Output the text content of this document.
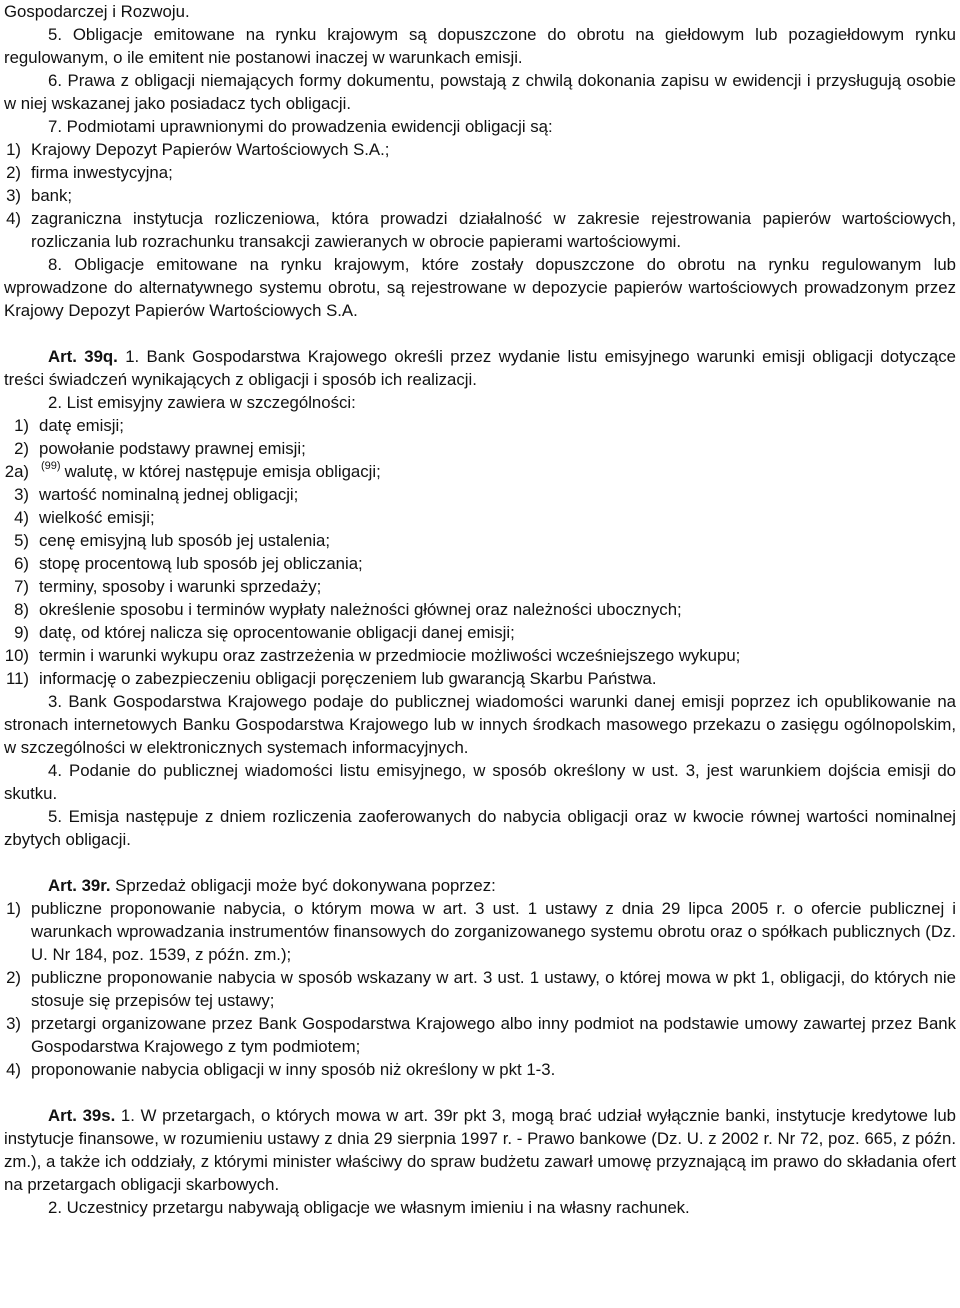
Gospodarczej i Rozwoju.

5. Obligacje emitowane na rynku krajowym są dopuszczone do obrotu na giełdowym lub pozagiełdowym rynku regulowanym, o ile emitent nie postanowi inaczej w warunkach emisji.

6. Prawa z obligacji niemających formy dokumentu, powstają z chwilą dokonania zapisu w ewidencji i przysługują osobie w niej wskazanej jako posiadacz tych obligacji.

7. Podmiotami uprawnionymi do prowadzenia ewidencji obligacji są:

1) Krajowy Depozyt Papierów Wartościowych S.A.;
2) firma inwestycyjna;
3) bank;
4) zagraniczna instytucja rozliczeniowa, która prowadzi działalność w zakresie rejestrowania papierów wartościowych, rozliczania lub rozrachunku transakcji zawieranych w obrocie papierami wartościowymi.

8. Obligacje emitowane na rynku krajowym, które zostały dopuszczone do obrotu na rynku regulowanym lub wprowadzone do alternatywnego systemu obrotu, są rejestrowane w depozycie papierów wartościowych prowadzonym przez Krajowy Depozyt Papierów Wartościowych S.A.

Art. 39q. 1. Bank Gospodarstwa Krajowego określi przez wydanie listu emisyjnego warunki emisji obligacji dotyczące treści świadczeń wynikających z obligacji i sposób ich realizacji.

2. List emisyjny zawiera w szczególności:

1) datę emisji;
2) powołanie podstawy prawnej emisji;
2a)	$^{(99)}$ walutę, w której następuje emisja obligacji;
3) wartość nominalną jednej obligacji;
4) wielkość emisji;
5) cenę emisyjną lub sposób jej ustalenia;
6) stopę procentową lub sposób jej obliczania;
7) terminy, sposoby i warunki sprzedaży;
8) określenie sposobu i terminów wypłaty należności głównej oraz należności ubocznych;
9) datę, od której nalicza się oprocentowanie obligacji danej emisji;
10) termin i warunki wykupu oraz zastrzeżenia w przedmiocie możliwości wcześniejszego wykupu;
11) informację o zabezpieczeniu obligacji poręczeniem lub gwarancją Skarbu Państwa.

3. Bank Gospodarstwa Krajowego podaje do publicznej wiadomości warunki danej emisji poprzez ich opublikowanie na stronach internetowych Banku Gospodarstwa Krajowego lub w innych środkach masowego przekazu o zasięgu ogólnopolskim, w szczególności w elektronicznych systemach informacyjnych.

4. Podanie do publicznej wiadomości listu emisyjnego, w sposób określony w ust. 3, jest warunkiem dojścia emisji do skutku.

5. Emisja następuje z dniem rozliczenia zaoferowanych do nabycia obligacji oraz w kwocie równej wartości nominalnej zbytych obligacji.

Art. 39r. Sprzedaż obligacji może być dokonywana poprzez:

1) publiczne proponowanie nabycia, o którym mowa w art. 3 ust. 1 ustawy z dnia 29 lipca 2005 r. o ofercie publicznej i warunkach wprowadzania instrumentów finansowych do zorganizowanego systemu obrotu oraz o spółkach publicznych (Dz. U. Nr 184, poz. 1539, z późn. zm.);
2) publiczne proponowanie nabycia w sposób wskazany w art. 3 ust. 1 ustawy, o której mowa w pkt 1, obligacji, do których nie stosuje się przepisów tej ustawy;
3) przetargi organizowane przez Bank Gospodarstwa Krajowego albo inny podmiot na podstawie umowy zawartej przez Bank Gospodarstwa Krajowego z tym podmiotem;
4) proponowanie nabycia obligacji w inny sposób niż określony w pkt 1-3.

Art. 39s. 1. W przetargach, o których mowa w art. 39r pkt 3, mogą brać udział wyłącznie banki, instytucje kredytowe lub instytucje finansowe, w rozumieniu ustawy z dnia 29 sierpnia 1997 r. - Prawo bankowe (Dz. U. z 2002 r. Nr 72, poz. 665, z późn. zm.), a także ich oddziały, z którymi minister właściwy do spraw budżetu zawarł umowę przyznającą im prawo do składania ofert na przetargach obligacji skarbowych.

2. Uczestnicy przetargu nabywają obligacje we własnym imieniu i na własny rachunek.
